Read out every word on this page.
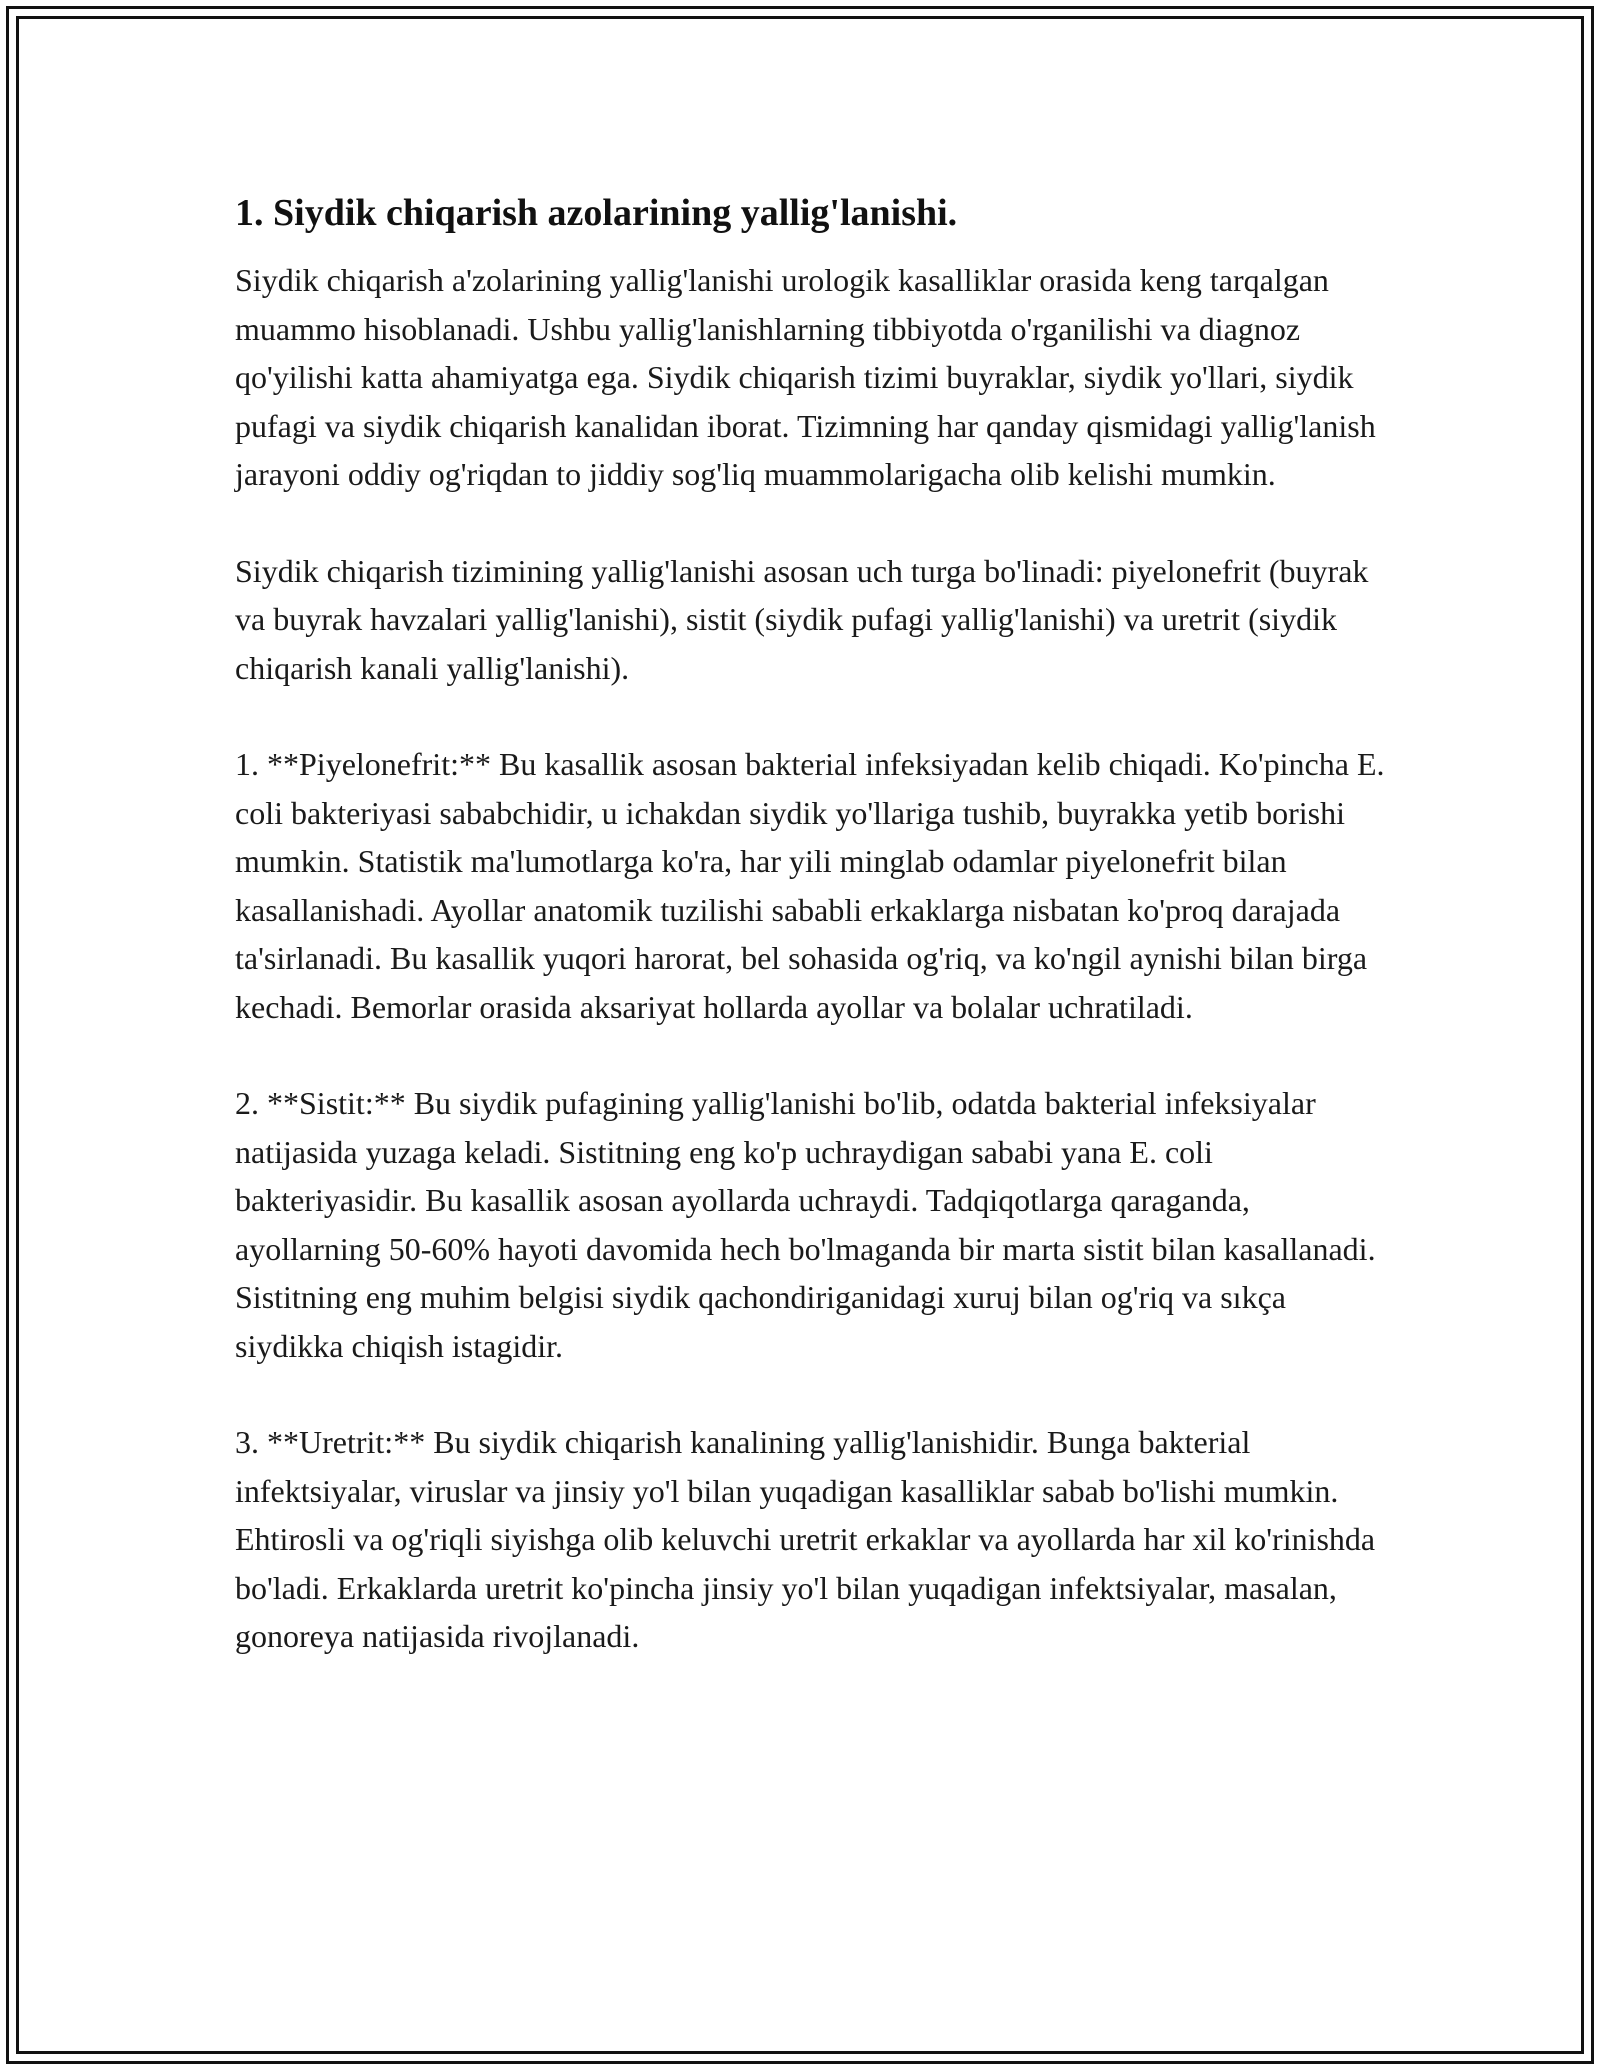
1. Siydik chiqarish azolarining yallig'lanishi.

Siydik chiqarish a'zolarining yallig'lanishi urologik kasalliklar orasida keng tarqalgan muammo hisoblanadi. Ushbu yallig'lanishlarning tibbiyotda o'rganilishi va diagnoz qo'yilishi katta ahamiyatga ega. Siydik chiqarish tizimi buyraklar, siydik yo'llari, siydik pufagi va siydik chiqarish kanalidan iborat. Tizimning har qanday qismidagi yallig'lanish jarayoni oddiy og'riqdan to jiddiy sog'liq muammolarigacha olib kelishi mumkin.

Siydik chiqarish tizimining yallig'lanishi asosan uch turga bo'linadi: piyelonefrit (buyrak va buyrak havzalari yallig'lanishi), sistit (siydik pufagi yallig'lanishi) va uretrit (siydik chiqarish kanali yallig'lanishi).

1. **Piyelonefrit:** Bu kasallik asosan bakterial infeksiyadan kelib chiqadi. Ko'pincha E. coli bakteriyasi sababchidir, u ichakdan siydik yo'llariga tushib, buyrakka yetib borishi mumkin. Statistik ma'lumotlarga ko'ra, har yili minglab odamlar piyelonefrit bilan kasallanishadi. Ayollar anatomik tuzilishi sababli erkaklarga nisbatan ko'proq darajada ta'sirlanadi. Bu kasallik yuqori harorat, bel sohasida og'riq, va ko'ngil aynishi bilan birga kechadi. Bemorlar orasida aksariyat hollarda ayollar va bolalar uchratiladi.

2. **Sistit:** Bu siydik pufagining yallig'lanishi bo'lib, odatda bakterial infeksiyalar natijasida yuzaga keladi. Sistitning eng ko'p uchraydigan sababi yana E. coli bakteriyasidir. Bu kasallik asosan ayollarda uchraydi. Tadqiqotlarga qaraganda, ayollarning 50-60% hayoti davomida hech bo'lmaganda bir marta sistit bilan kasallanadi. Sistitning eng muhim belgisi siydik qachondiriganidagi xuruj bilan og'riq va sıkça siydikka chiqish istagidir.

3. **Uretrit:** Bu siydik chiqarish kanalining yallig'lanishidir. Bunga bakterial infektsiyalar, viruslar va jinsiy yo'l bilan yuqadigan kasalliklar sabab bo'lishi mumkin. Ehtirosli va og'riqli siyishga olib keluvchi uretrit erkaklar va ayollarda har xil ko'rinishda bo'ladi. Erkaklarda uretrit ko'pincha jinsiy yo'l bilan yuqadigan infektsiyalar, masalan, gonoreya natijasida rivojlanadi.
